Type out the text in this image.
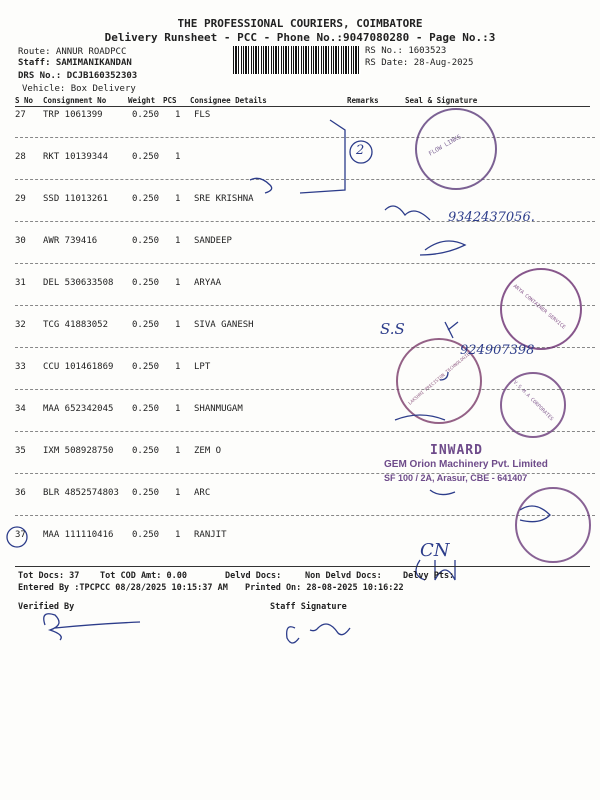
THE PROFESSIONAL COURIERS, COIMBATORE
Delivery Runsheet - PCC - Phone No.:9047080280 - Page No.:3
Route: ANNUR ROADPCC
Staff: SAMIMANIKANDAN
DRS No.: DCJB160352303
Vehicle: Box Delivery
RS No.: 1603523
RS Date: 28-Aug-2025
S No Consignment No	Weight PCS Consignee Details	Remarks	Seal & Signature
27 TRP 1061399	0.250 1 FLS
28 RKT 10139344	0.250 1
29 SSD 11013261	0.250 1 SRE KRISHNA
30 AWR 739416	0.250 1 SANDEEP
31 DEL 530633508 0.250 1 ARYAA
32 TCG 41883052	0.250 1 SIVA GANESH
33 CCU 101461869 0.250 1 LPT
34 MAA 652342045 0.250 1 SHANMUGAM
35 IXM 508928750 0.250 1 ZEM O
36 BLR 4852574803 0.250 1 ARC
37 MAA 111110416 0.250 1 RANJIT
FLOW LINKS
ARYA CONTAINER SERVICE
LAKSHMI PRECISION TECHNOLOGIES	V.S.M.A CORPORATES
INWARD
GEM Orion Machinery Pvt. Limited
SF 100 / 2A, Arasur, CBE - 641407
9342437056.
924907398
2
S.S
CN
Tot Docs: 37 Tot COD Amt: 0.00	Delvd Docs:	Non Delvd Docs: Delvy Pts:
Entered By :TPCPCC 08/28/2025 10:15:37 AM Printed On: 28-08-2025 10:16:22
Verified By	Staff Signature
